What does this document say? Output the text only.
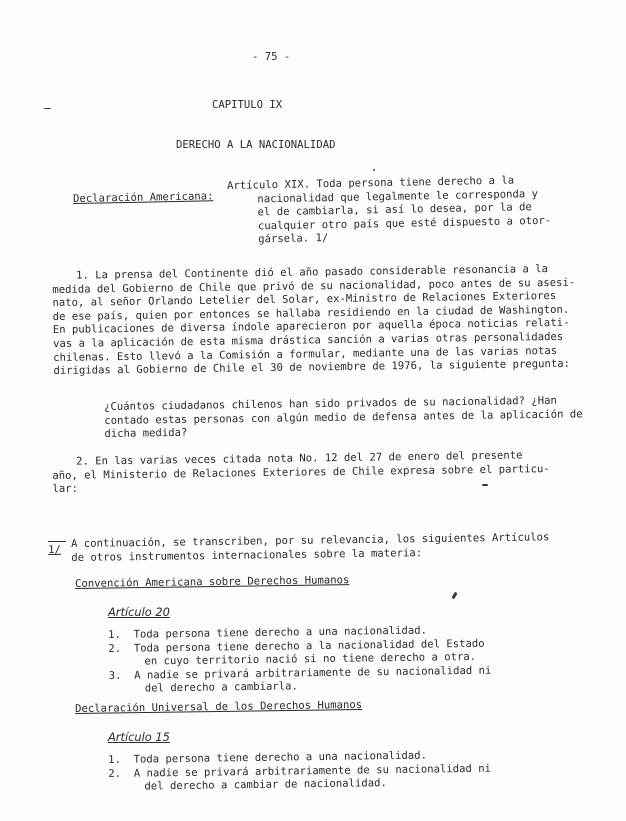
- 75 -
CAPITULO IX
DERECHO A LA NACIONALIDAD
Declaración Americana:
Artículo XIX. Toda persona tiene derecho a la
nacionalidad que legalmente le corresponda y
el de cambiarla, si así lo desea, por la de
cualquier otro país que esté dispuesto a otor-
gársela. 1/
1. La prensa del Continente dió el año pasado considerable resonancia a la
medida del Gobierno de Chile que privó de su nacionalidad, poco antes de su asesi-
nato, al señor Orlando Letelier del Solar, ex-Ministro de Relaciones Exteriores
de ese país, quien por entonces se hallaba residiendo en la ciudad de Washington.
En publicaciones de diversa índole aparecieron por aquella época noticias relati-
vas a la aplicación de esta misma drástica sanción a varias otras personalidades
chilenas. Esto llevó a la Comisión a formular, mediante una de las varias notas
dirigidas al Gobierno de Chile el 30 de noviembre de 1976, la siguiente pregunta:
¿Cuántos ciudadanos chilenos han sido privados de su nacionalidad? ¿Han
contado estas personas con algún medio de defensa antes de la aplicación de
dicha medida?
2. En las varias veces citada nota No. 12 del 27 de enero del presente
año, el Ministerio de Relaciones Exteriores de Chile expresa sobre el particu-
lar:
1/ A continuación, se transcriben, por su relevancia, los siguientes Artículos
de otros instrumentos internacionales sobre la materia:
Convención Americana sobre Derechos Humanos
Artículo 20
1. Toda persona tiene derecho a una nacionalidad.
2. Toda persona tiene derecho a la nacionalidad del Estado
en cuyo territorio nació si no tiene derecho a otra.
3. A nadie se privará arbitrariamente de su nacionalidad ni
del derecho a cambiarla.
Declaración Universal de los Derechos Humanos
Artículo 15
1. Toda persona tiene derecho a una nacionalidad.
2. A nadie se privará arbitrariamente de su nacionalidad ni
del derecho a cambiar de nacionalidad.
